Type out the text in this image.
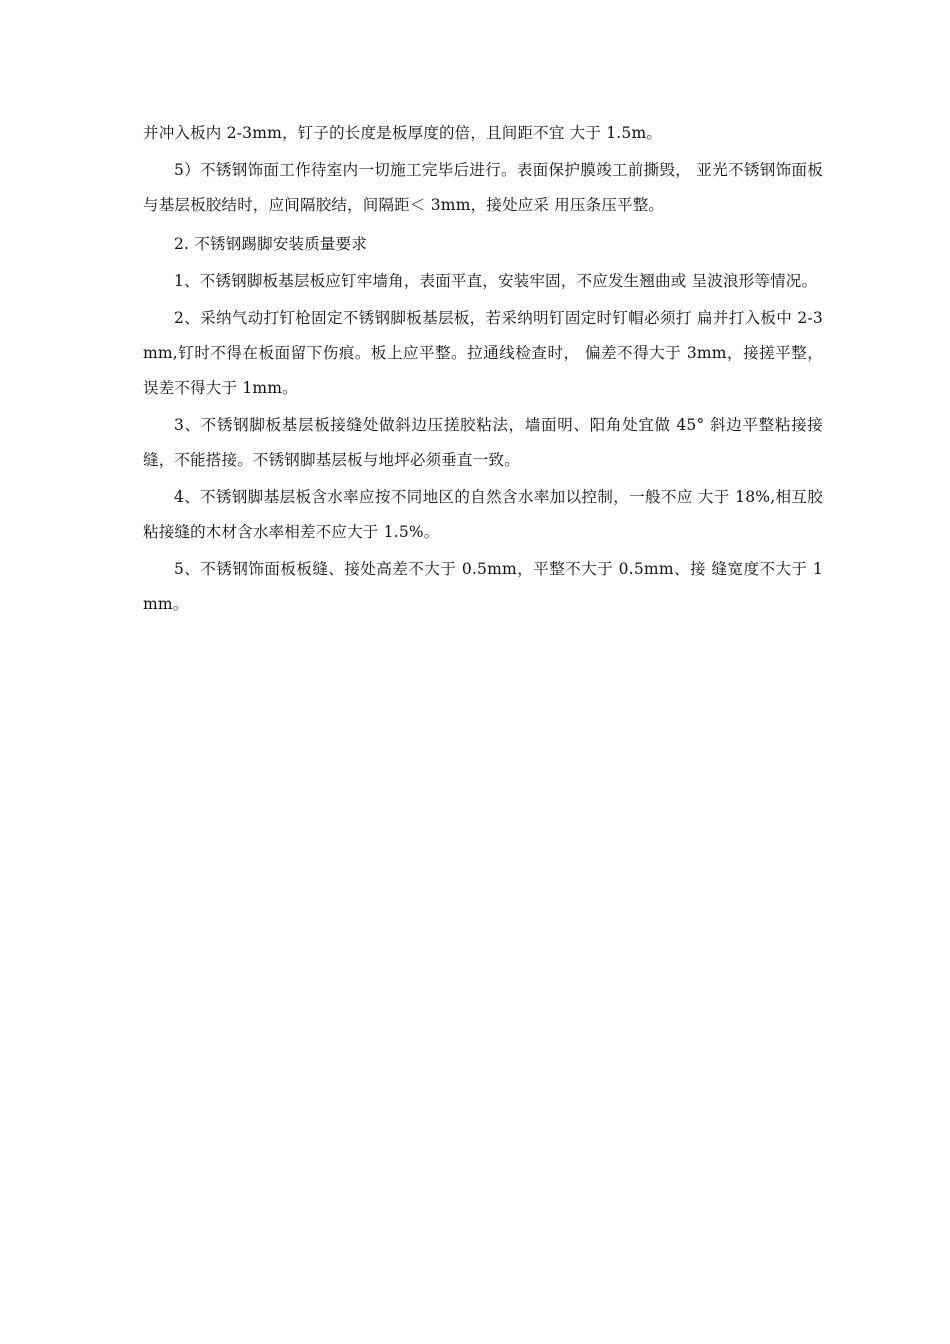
并冲入板内 2-3mm，钉子的长度是板厚度的倍，且间距不宜 大于 1.5m。

5）不锈钢饰面工作待室内一切施工完毕后进行。表面保护膜竣工前撕毁， 亚光不锈钢饰面板与基层板胶结时，应间隔胶结，间隔距＜ 3mm，接处应采 用压条压平整。

2. 不锈钢踢脚安装质量要求

1、不锈钢脚板基层板应钉牢墙角，表面平直，安装牢固，不应发生翘曲或 呈波浪形等情况。

2、采纳气动打钉枪固定不锈钢脚板基层板，若采纳明钉固定时钉帽必须打 扁并打入板中 2-3mm,钉时不得在板面留下伤痕。板上应平整。拉通线检查时， 偏差不得大于 3mm，接搓平整，误差不得大于 1mm。

3、不锈钢脚板基层板接缝处做斜边压搓胶粘法，墙面明、阳角处宜做 45° 斜边平整粘接接缝，不能搭接。不锈钢脚基层板与地坪必须垂直一致。

4、不锈钢脚基层板含水率应按不同地区的自然含水率加以控制，一般不应 大于 18%,相互胶粘接缝的木材含水率相差不应大于 1.5%。

5、不锈钢饰面板板缝、接处高差不大于 0.5mm，平整不大于 0.5mm、接 缝宽度不大于 1mm。
